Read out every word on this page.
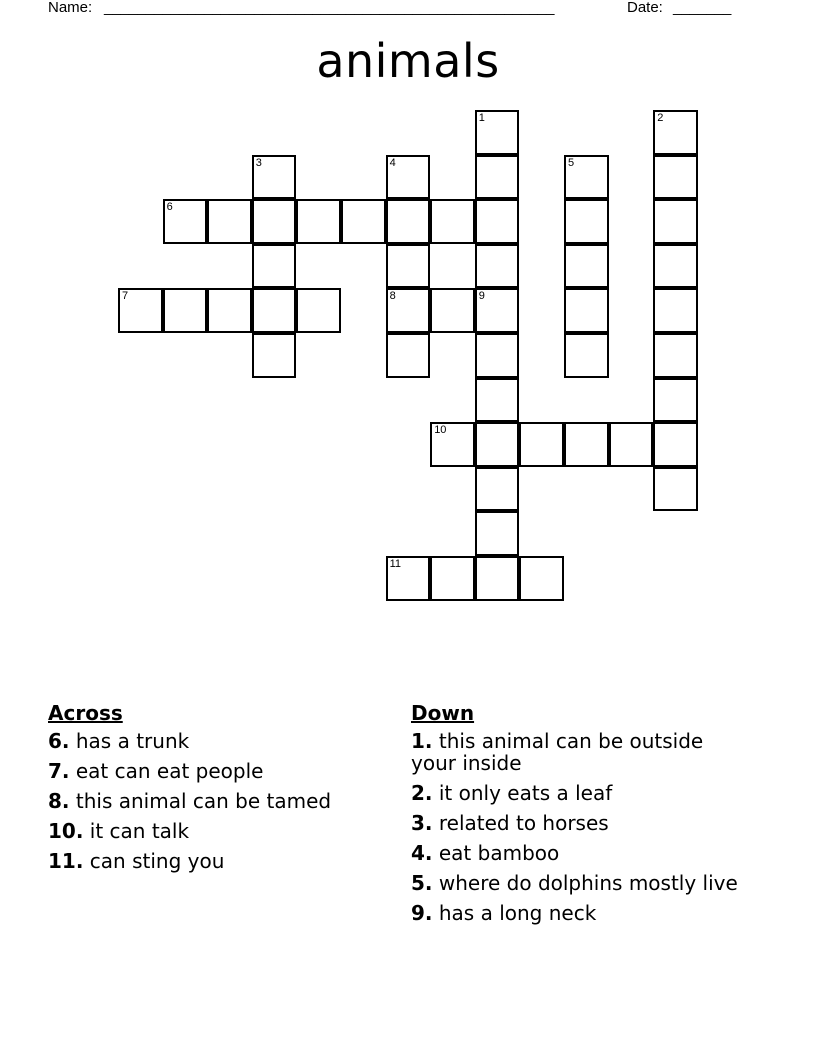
Name: ______________________________________________________	Date: _______
animals
1	2
3	4	5
6
7	8	9
10
11
Across
6. has a trunk
7. eat can eat people
8. this animal can be tamed
10. it can talk
11. can sting you
Down
1. this animal can be outside your inside
2. it only eats a leaf
3. related to horses
4. eat bamboo
5. where do dolphins mostly live
9. has a long neck
